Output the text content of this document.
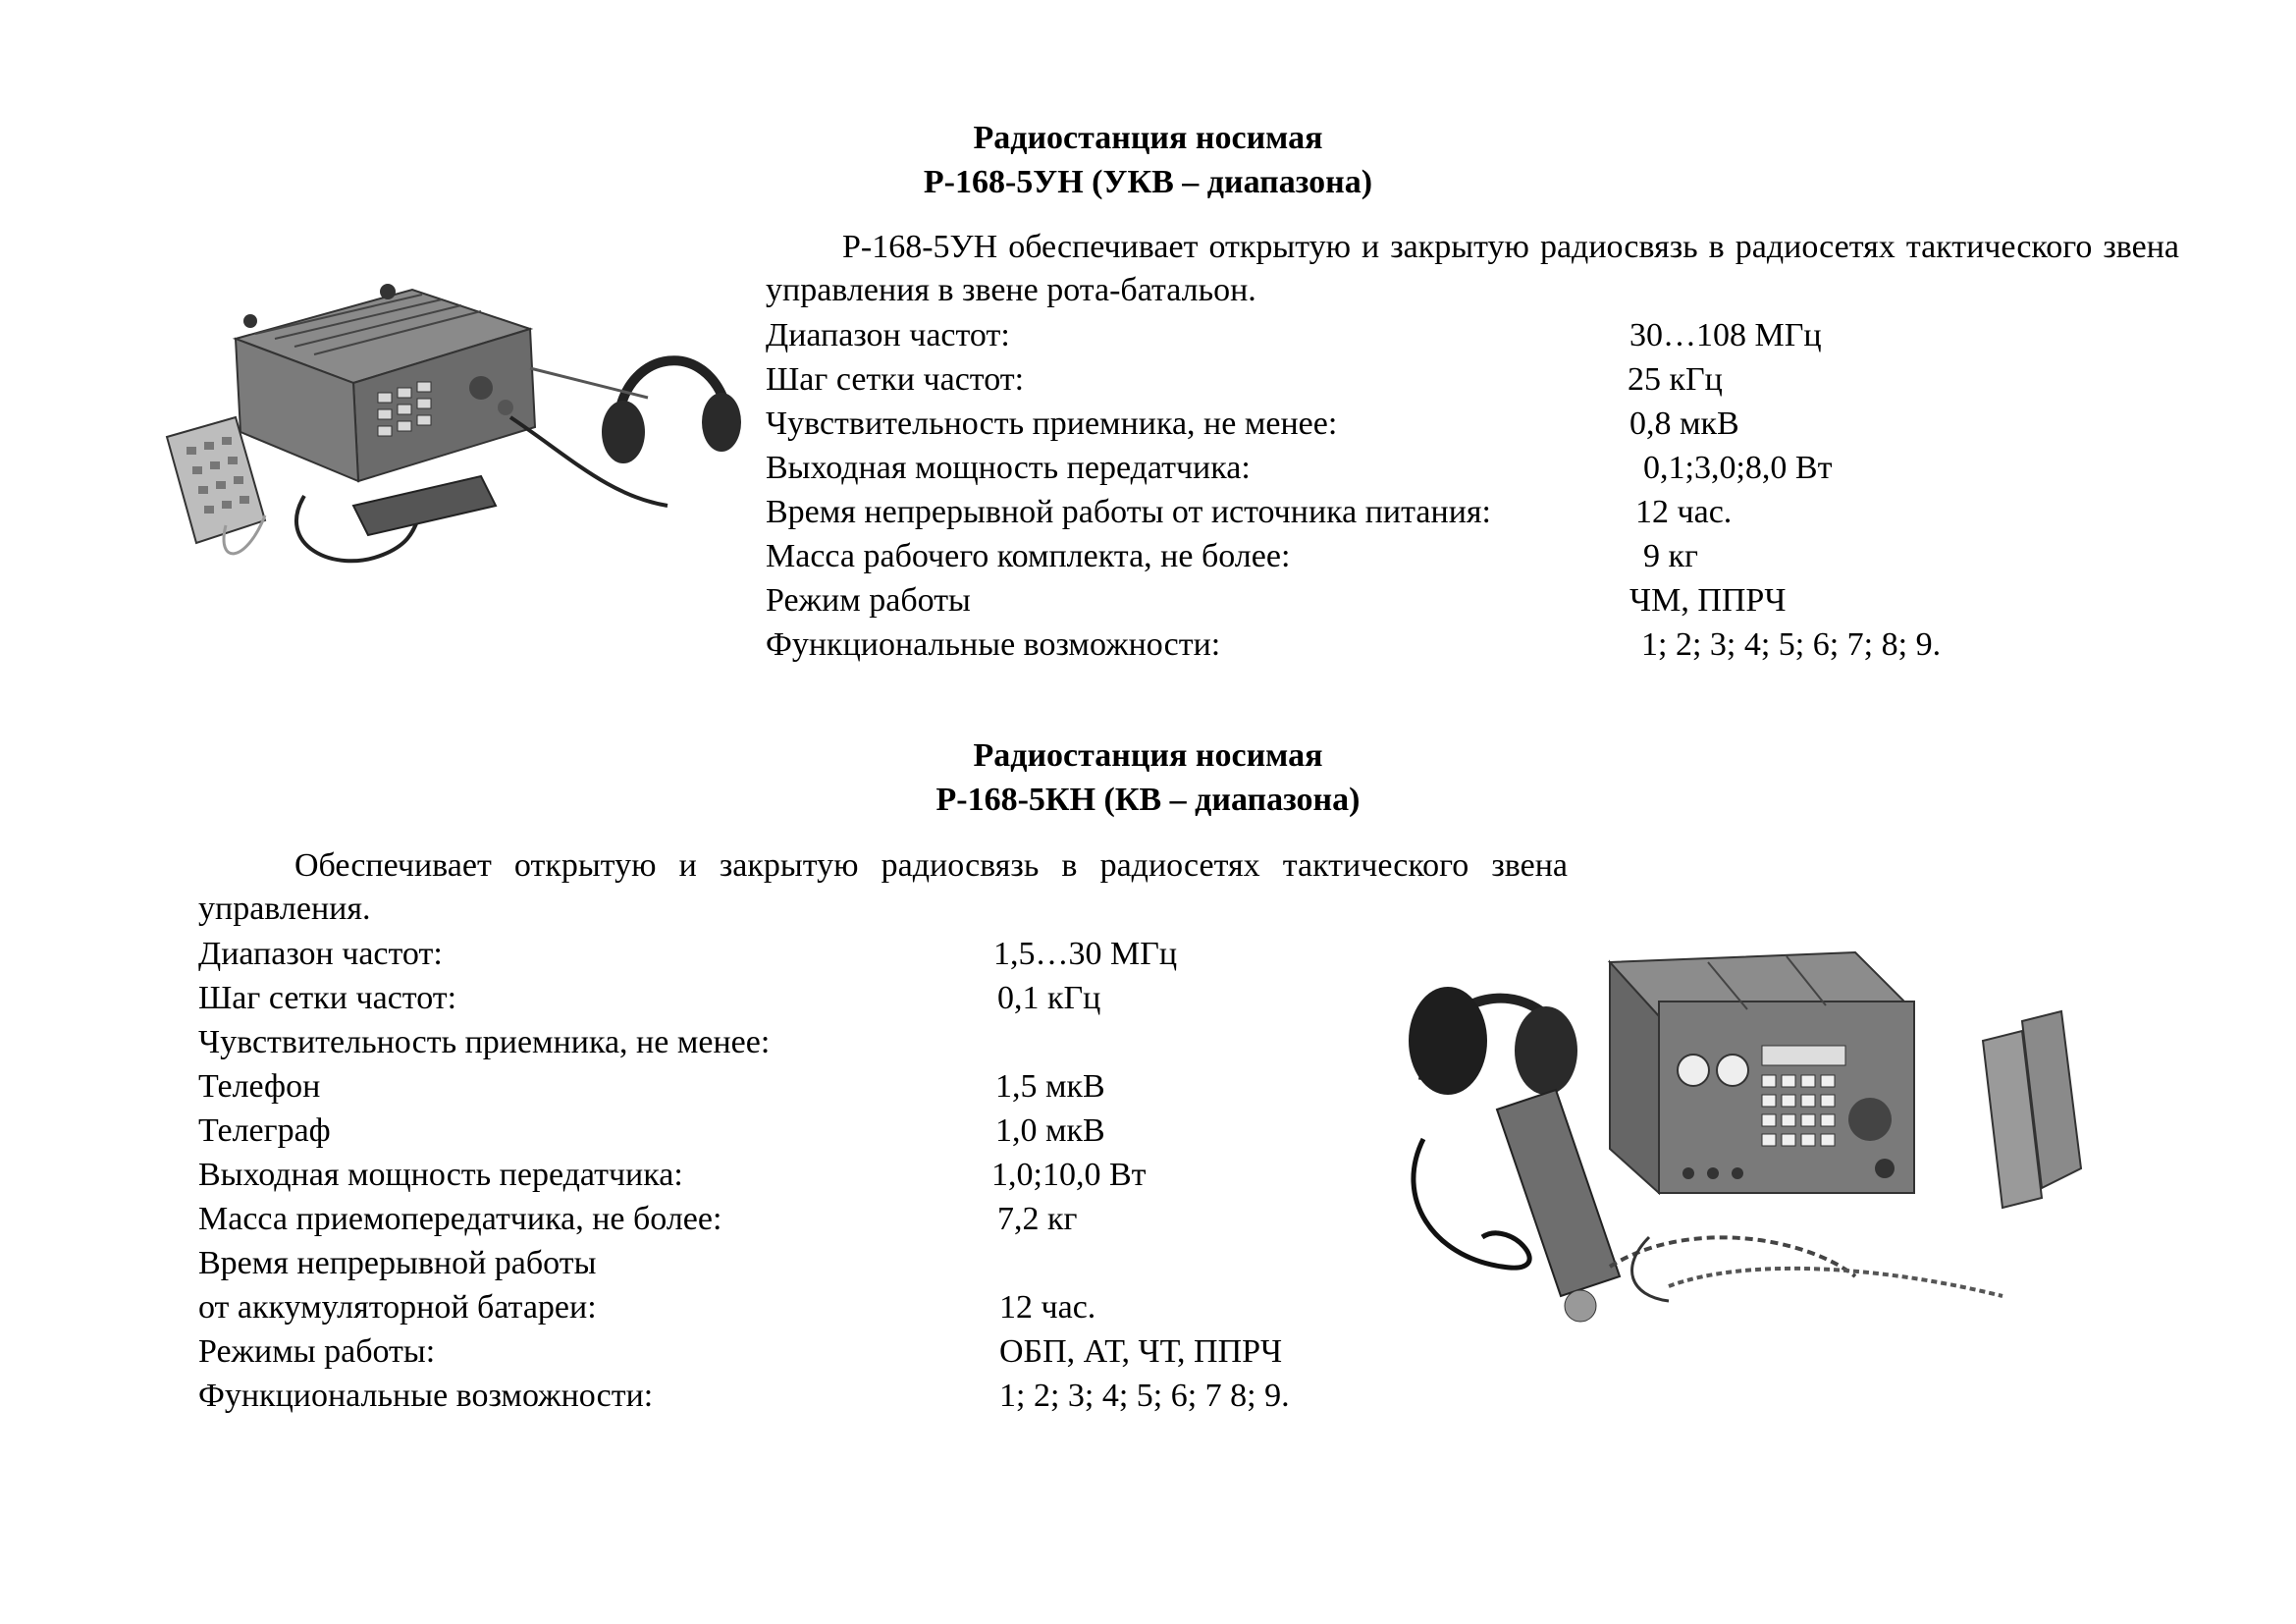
Радиостанция носимая
Р-168-5УН (УКВ – диапазона)
Р-168-5УН обеспечивает открытую и закрытую радиосвязь в радиосетях тактического звена управления в звене рота-батальон.
Диапазон частот:	30…108 МГц
Шаг сетки частот:	25 кГц
Чувствительность приемника, не менее:	0,8 мкВ
Выходная мощность передатчика:	0,1;3,0;8,0 Вт
Время непрерывной работы от источника питания:	12 час.
Масса рабочего комплекта, не более:	9 кг
Режим работы	ЧМ, ППРЧ
Функциональные возможности:	1; 2; 3; 4; 5; 6; 7; 8; 9.
Радиостанция носимая
Р-168-5КН (КВ – диапазона)
Обеспечивает открытую и закрытую радиосвязь в радиосетях тактического звена управления.
Диапазон частот:	1,5…30 МГц
Шаг сетки частот:	0,1 кГц
Чувствительность приемника, не менее:
Телефон	1,5 мкВ
Телеграф	1,0 мкВ
Выходная мощность передатчика:	1,0;10,0 Вт
Масса приемопередатчика, не более:	7,2 кг
Время непрерывной работы
от аккумуляторной батареи:	12 час.
Режимы работы:	ОБП, АТ, ЧТ, ППРЧ
Функциональные возможности:	1; 2; 3; 4; 5; 6; 7 8; 9.
